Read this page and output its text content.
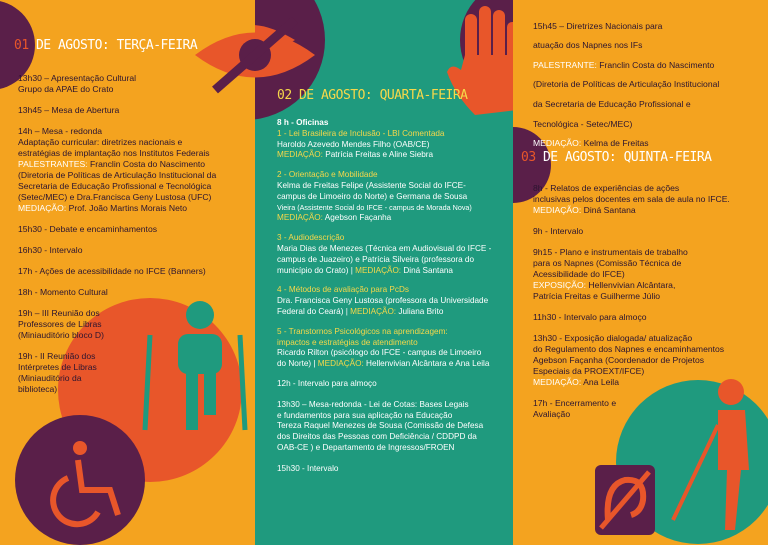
01 DE AGOSTO: TERÇA-FEIRA

13h30 – Apresentação Cultural

Grupo da APAE do Crato

13h45 – Mesa de Abertura

14h – Mesa - redonda

Adaptação curricular: diretrizes nacionais e

estratégias de implantação nos Institutos Federais

PALESTRANTES: Franclin Costa do Nascimento

(Diretoria de Políticas de Articulação Institucional da

Secretaria de Educação Profissional e Tecnológica

(Setec/MEC) e Dra.Francisca Geny Lustosa (UFC)

MEDIAÇÃO: Prof. João Martins Morais Neto

15h30 - Debate e encaminhamentos

16h30 - Intervalo

17h - Ações de acessibilidade no IFCE (Banners)

18h - Momento Cultural

19h – III Reunião dos

Professores de Libras

(Miniauditório bloco D)

19h - II Reunião dos

Intérpretes de Libras

(Miniauditório da

biblioteca)

02 DE AGOSTO: QUARTA-FEIRA

8 h - Oficinas

1 - Lei Brasileira de Inclusão - LBI Comentada

Haroldo Azevedo Mendes Filho (OAB/CE)

MEDIAÇÃO: Patrícia Freitas e Aline Siebra

2 - Orientação e Mobilidade

Kelma de Freitas Felipe (Assistente Social do IFCE-

campus de Limoeiro do Norte) e Germana de Sousa

Vieira (Assistente Social do IFCE - campus de Morada Nova)

MEDIAÇÃO: Agebson Façanha

3 - Audiodescrição

Maria Dias de Menezes (Técnica em Audiovisual do IFCE -

campus de Juazeiro) e Patrícia Silveira (professora do

município do Crato) | MEDIAÇÃO: Diná Santana

4 - Métodos de avaliação para PcDs

Dra. Francisca Geny Lustosa (professora da Universidade

Federal do Ceará) | MEDIAÇÃO: Juliana Brito

5 - Transtornos Psicológicos na aprendizagem:

impactos e estratégias de atendimento

Ricardo Rilton (psicólogo do IFCE - campus de Limoeiro

do Norte) | MEDIAÇÃO: Hellenvivian Alcântara e Ana Leila

12h - Intervalo para almoço

13h30 – Mesa-redonda - Lei de Cotas: Bases Legais

e fundamentos para sua aplicação na Educação

Tereza Raquel Menezes de Sousa (Comissão de Defesa

dos Direitos das Pessoas com Deficiência / CDDPD da

OAB-CE ) e Departamento de Ingressos/FROEN

15h30 - Intervalo

15h45 – Diretrizes Nacionais para

atuação dos Napnes nos IFs

PALESTRANTE: Franclin Costa do Nascimento

(Diretoria de Políticas de Articulação Institucional

da Secretaria de Educação Profissional e

Tecnológica - Setec/MEC)

MEDIAÇÃO: Kelma de Freitas

03 DE AGOSTO: QUINTA-FEIRA

8h - Relatos de experiências de ações

inclusivas pelos docentes em sala de aula no IFCE.

MEDIAÇÃO: Diná Santana

9h - Intervalo

9h15 - Plano e instrumentais de trabalho

para os Napnes (Comissão Técnica de

Acessibilidade do IFCE)

EXPOSIÇÃO: Hellenvivian Alcântara,

Patrícia Freitas e Guilherme Júlio

11h30 - Intervalo para almoço

13h30 - Exposição dialogada/ atualização

do Regulamento dos Napnes e encaminhamentos

Agebson Façanha (Coordenador de Projetos

Especiais da PROEXT/IFCE)

MEDIAÇÃO: Ana Leila

17h - Encerramento e

Avaliação
